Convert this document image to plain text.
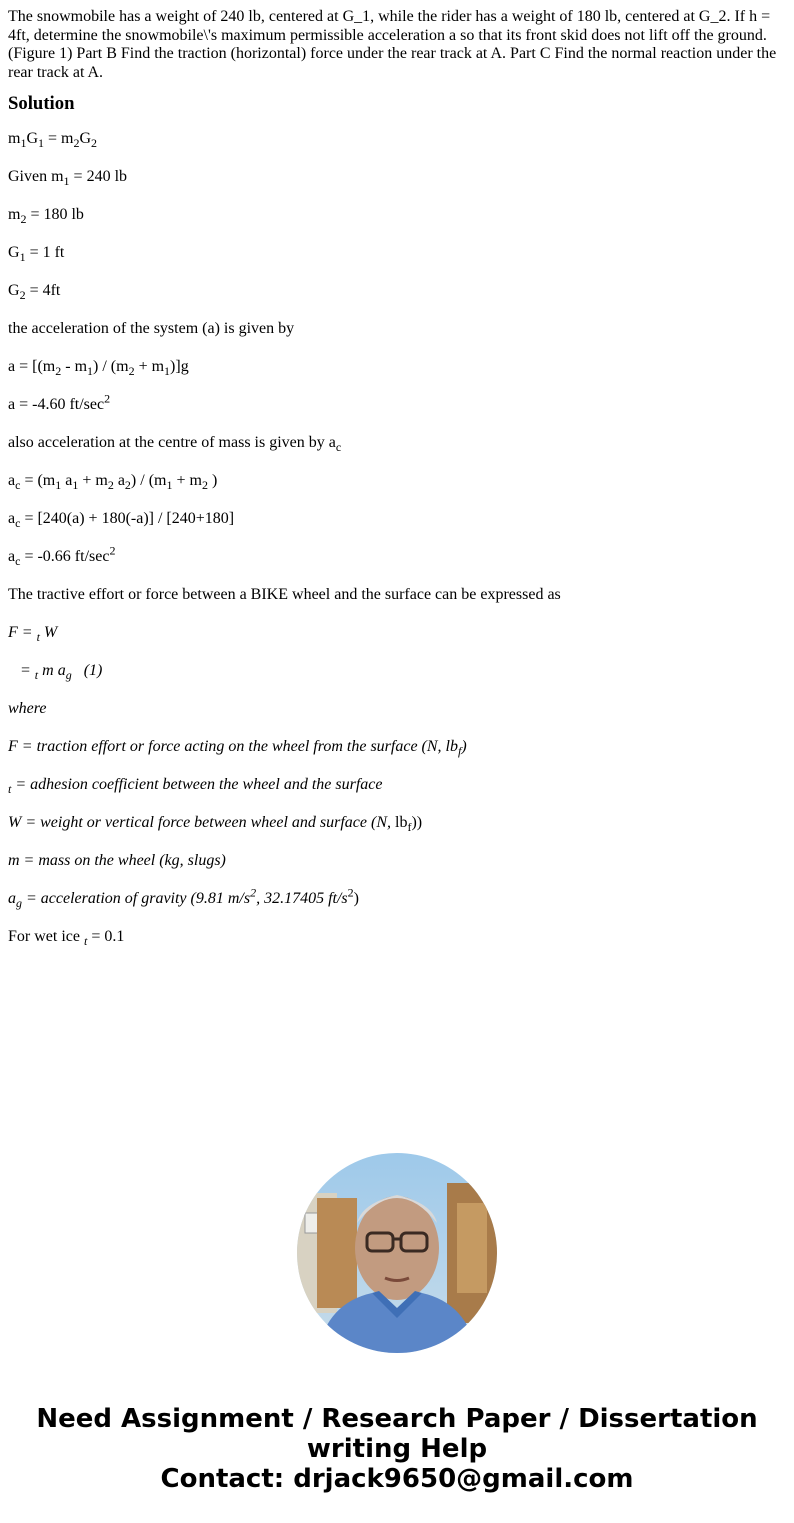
The snowmobile has a weight of 240 lb, centered at G_1, while the rider has a weight of 180 lb, centered at G_2. If h = 4ft, determine the snowmobile\'s maximum permissible acceleration a so that its front skid does not lift off the ground. (Figure 1) Part B Find the traction (horizontal) force under the rear track at A. Part C Find the normal reaction under the rear track at A.

Solution

$m_1G_1 = m_2G_2$

Given $m_1 = 240$ lb

$m_2 = 180$ lb

$G_1 = 1$ ft

$G_2 = 4ft$

the acceleration of the system (a) is given by

$a = [(m_2 - m_1) / (m_2 + m_1)]g$

a = -4.60 $ft/\sec^2$

also acceleration at the centre of mass is given by $a_c$

$a_c = (m_1$ $a_1 + m_2$ $a_2) / (m_1 + m_2$ )

$a_c = [240(a) + 180(-a)] / [240+180]$

$a_c = -0.66$ $ft/\sec^2$

The tractive effort or force between a BIKE wheel and the surface can be expressed as

F = $_t$ W

= $_t$ m $a_g$   (1)

where

F = traction effort or force acting on the wheel from the surface (N, $lb_f$)

$_t$ = adhesion coefficient between the wheel and the surface

W = weight or vertical force between wheel and surface (N, $lb_f$))

m = mass on the wheel (kg, slugs)

$a_g$ = acceleration of gravity (9.81 $m/s^2$, 32.17405 $ft/s^2$)

For wet ice $_t$ = 0.1

Need Assignment / Research Paper / Dissertation
writing Help
Contact: drjack9650@gmail.com
